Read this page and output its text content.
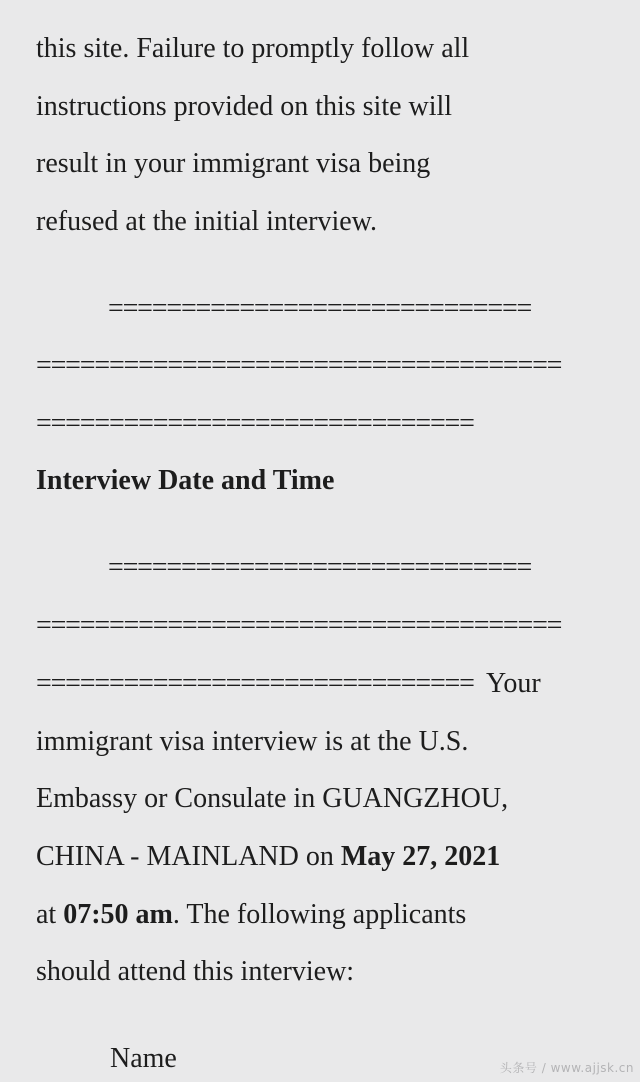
this site. Failure to promptly follow all
instructions provided on this site will
result in your immigrant visa being
refused at the initial interview.
=============================
====================================
==============================
Interview Date and Time
=============================
====================================
============================== Your
immigrant visa interview is at the U.S.
Embassy or Consulate in GUANGZHOU,
CHINA - MAINLAND on May 27, 2021
at 07:50 am. The following applicants
should attend this interview:
Name	头条号 / www.ajjsk.cn
